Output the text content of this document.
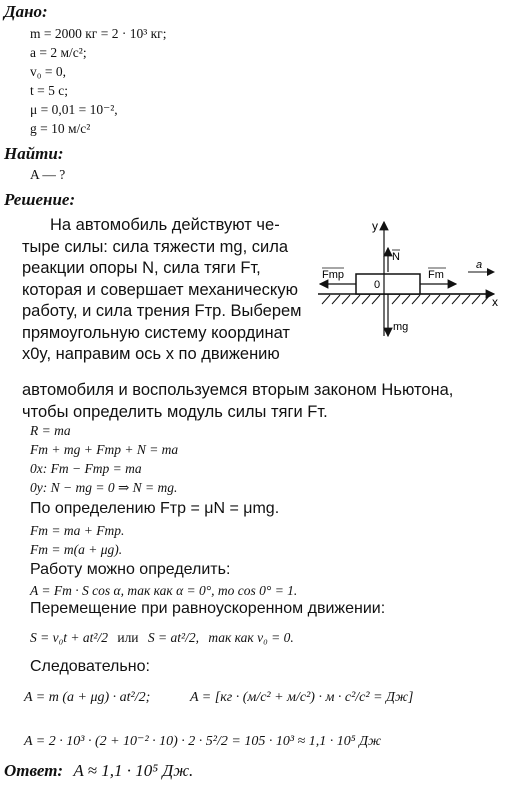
Дано:
m = 2000 кг = 2 · 10³ кг;
a = 2 м/с²;
v₀ = 0,
t = 5 с;
μ = 0,01 = 10⁻²,
g = 10 м/с²
Найти:
A — ?
Решение:
На автомобиль действуют че-
тыре силы: сила тяжести mg, сила
реакции опоры N, сила тяги Fт,
которая и совершает механическую
работу, и сила трения Fтр. Выберем
прямоугольную систему координат
x0y, направим ось x по движению
y
x
0
N
Fmp	Fm
a
mg
автомобиля и воспользуемся вторым законом Ньютона,
чтобы определить модуль силы тяги Fт.
R = ma
Fт + mg + Fтр + N = ma
0x: Fт − Fтр = ma
0y: N − mg = 0 ⇒ N = mg.
По определению Fтр = μN = μmg.
Fт = ma + Fтр.
Fт = m(a + μg).
Работу можно определить:
A = Fт · S cos α, так как α = 0°, то cos 0° = 1.
Перемещение при равноускоренном движении:
S = v₀t + at²/2 или S = at²/2, так как v₀ = 0.
Следовательно:
A = m (a + μg) · at²/2;	A = [кг · (м/с² + м/с²) · м · с²/с² = Дж]
A = 2 · 10³ · (2 + 10⁻² · 10) · 2 · 5²/2 = 105 · 10³ ≈ 1,1 · 10⁵ Дж
Ответ: A ≈ 1,1 · 10⁵ Дж.
